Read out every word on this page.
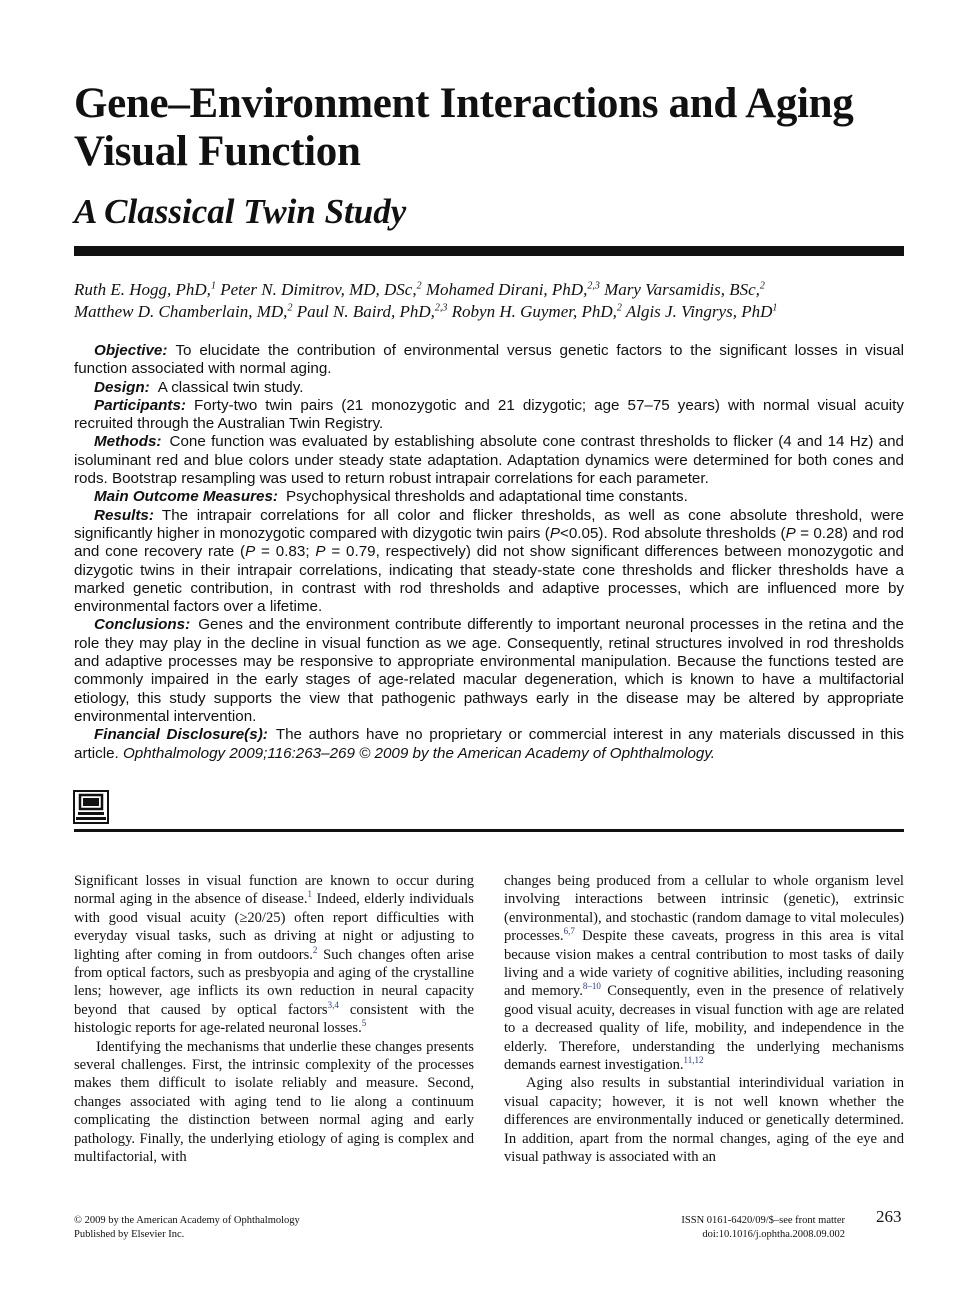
Gene–Environment Interactions and Aging Visual Function
A Classical Twin Study
Ruth E. Hogg, PhD,$^1$ Peter N. Dimitrov, MD, DSc,$^2$ Mohamed Dirani, PhD,$^{2,3}$ Mary Varsamidis, BSc,$^2$
Matthew D. Chamberlain, MD,$^2$ Paul N. Baird, PhD,$^{2,3}$ Robyn H. Guymer, PhD,$^2$ Algis J. Vingrys, PhD$^1$

Objective: To elucidate the contribution of environmental versus genetic factors to the significant losses in visual function associated with normal aging.

Design: A classical twin study.

Participants: Forty-two twin pairs (21 monozygotic and 21 dizygotic; age 57–75 years) with normal visual acuity recruited through the Australian Twin Registry.

Methods: Cone function was evaluated by establishing absolute cone contrast thresholds to flicker (4 and 14 Hz) and isoluminant red and blue colors under steady state adaptation. Adaptation dynamics were determined for both cones and rods. Bootstrap resampling was used to return robust intrapair correlations for each parameter.

Main Outcome Measures: Psychophysical thresholds and adaptational time constants.

Results: The intrapair correlations for all color and flicker thresholds, as well as cone absolute threshold, were significantly higher in monozygotic compared with dizygotic twin pairs (P<0.05). Rod absolute thresholds (P = 0.28) and rod and cone recovery rate (P = 0.83; P = 0.79, respectively) did not show significant differences between monozygotic and dizygotic twins in their intrapair correlations, indicating that steady-state cone thresholds and flicker thresholds have a marked genetic contribution, in contrast with rod thresholds and adaptive processes, which are influenced more by environmental factors over a lifetime.

Conclusions: Genes and the environment contribute differently to important neuronal processes in the retina and the role they may play in the decline in visual function as we age. Consequently, retinal structures involved in rod thresholds and adaptive processes may be responsive to appropriate environmental manipulation. Because the functions tested are commonly impaired in the early stages of age-related macular degeneration, which is known to have a multifactorial etiology, this study supports the view that pathogenic pathways early in the disease may be altered by appropriate environmental intervention.

Financial Disclosure(s): The authors have no proprietary or commercial interest in any materials discussed in this article. Ophthalmology 2009;116:263–269 © 2009 by the American Academy of Ophthalmology.

Significant losses in visual function are known to occur during normal aging in the absence of disease.$^1$ Indeed, elderly individuals with good visual acuity (≥20/25) often report difficulties with everyday visual tasks, such as driving at night or adjusting to lighting after coming in from outdoors.$^2$ Such changes often arise from optical factors, such as presbyopia and aging of the crystalline lens; however, age inflicts its own reduction in neural capacity beyond that caused by optical factors$^{3,4}$ consistent with the histologic reports for age-related neuronal losses.$^5$

Identifying the mechanisms that underlie these changes presents several challenges. First, the intrinsic complexity of the processes makes them difficult to isolate reliably and measure. Second, changes associated with aging tend to lie along a continuum complicating the distinction between normal aging and early pathology. Finally, the underlying etiology of aging is complex and multifactorial, with

changes being produced from a cellular to whole organism level involving interactions between intrinsic (genetic), extrinsic (environmental), and stochastic (random damage to vital molecules) processes.$^{6,7}$ Despite these caveats, progress in this area is vital because vision makes a central contribution to most tasks of daily living and a wide variety of cognitive abilities, including reasoning and memory.$^{8-10}$ Consequently, even in the presence of relatively good visual acuity, decreases in visual function with age are related to a decreased quality of life, mobility, and independence in the elderly. Therefore, understanding the underlying mechanisms demands earnest investigation.$^{11,12}$

Aging also results in substantial interindividual variation in visual capacity; however, it is not well known whether the differences are environmentally induced or genetically determined. In addition, apart from the normal changes, aging of the eye and visual pathway is associated with an

© 2009 by the American Academy of Ophthalmology
Published by Elsevier Inc.
ISSN 0161-6420/09/$–see front matter
doi:10.1016/j.ophtha.2008.09.002
263
